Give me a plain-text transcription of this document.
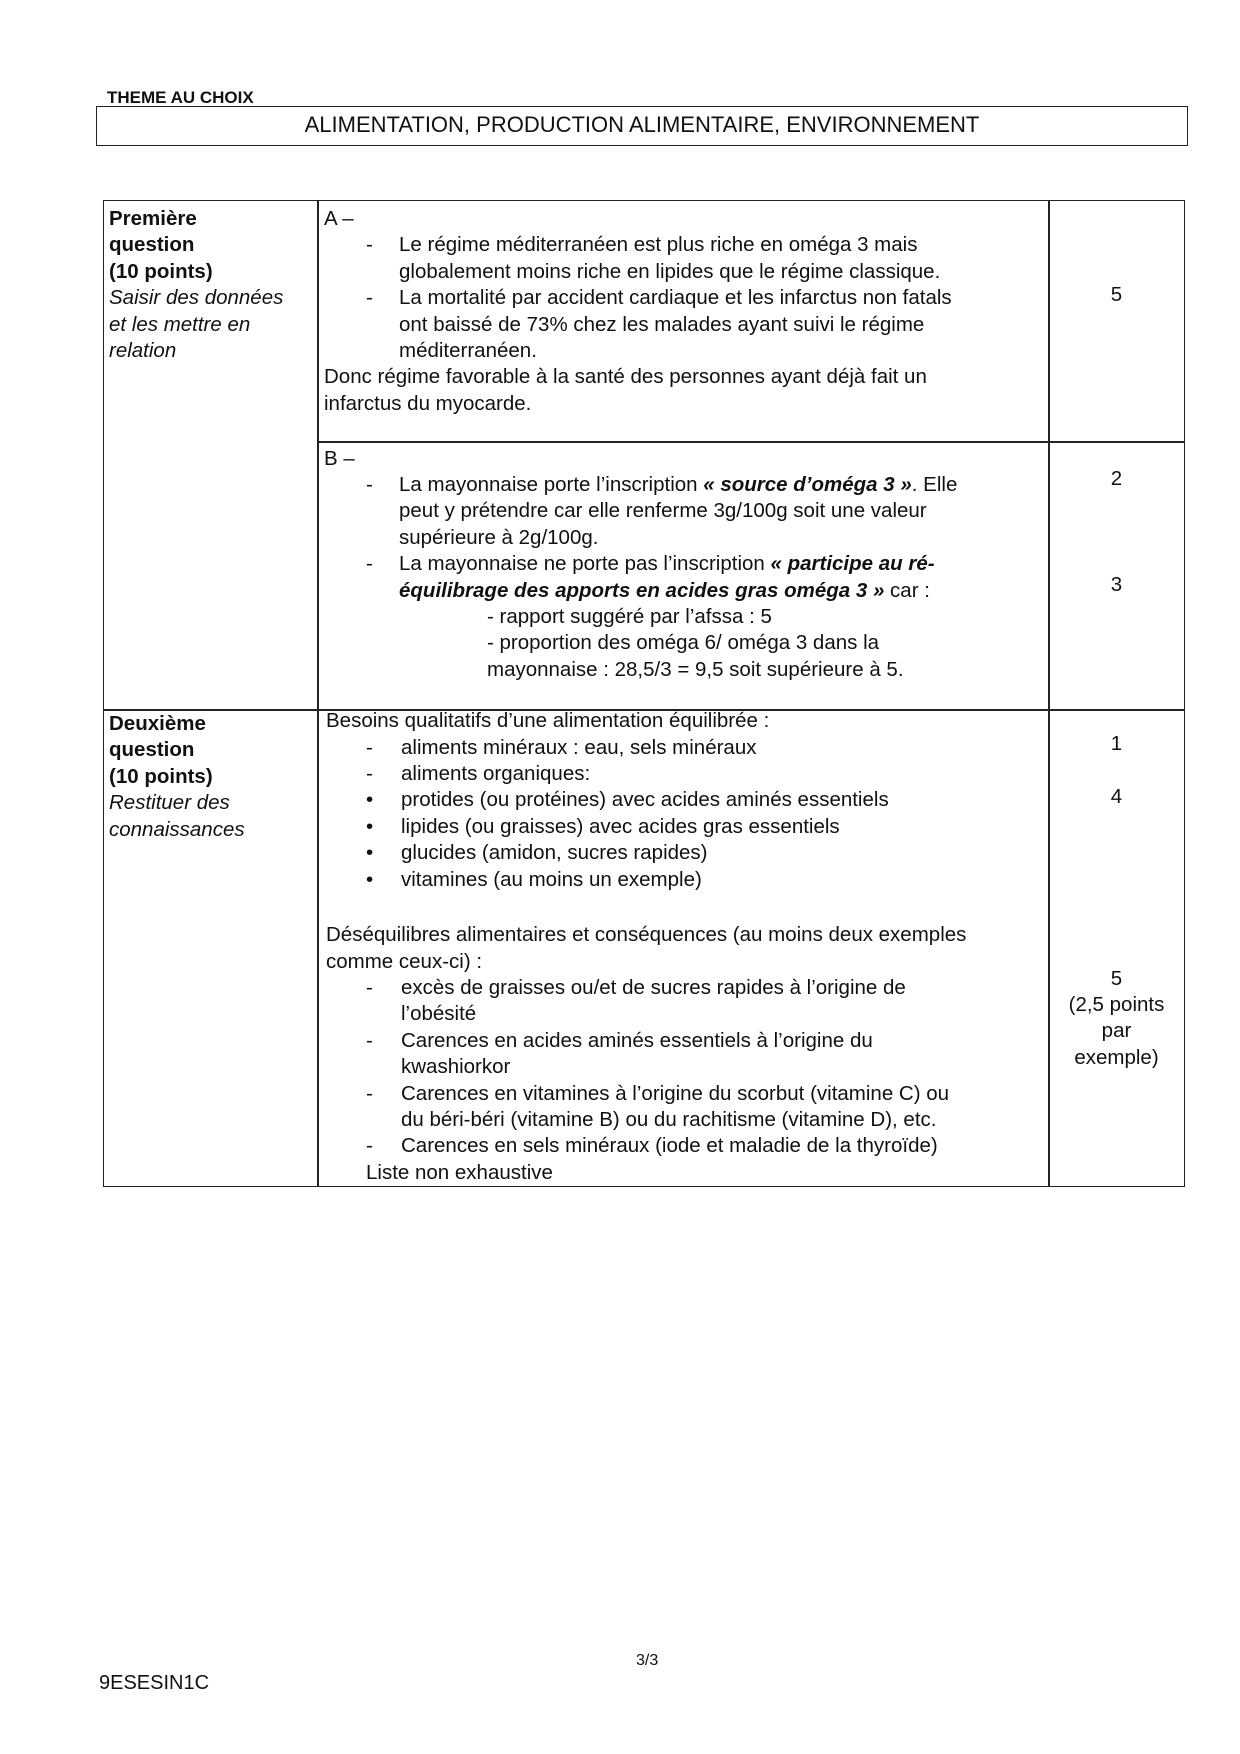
THEME AU CHOIX
ALIMENTATION, PRODUCTION ALIMENTAIRE, ENVIRONNEMENT
Première
question
(10 points)
Saisir des données
et les mettre en
relation
A –
- Le régime méditerranéen est plus riche en oméga 3 mais
globalement moins riche en lipides que le régime classique.
- La mortalité par accident cardiaque et les infarctus non fatals
ont baissé de 73% chez les malades ayant suivi le régime
méditerranéen.
Donc régime favorable à la santé des personnes ayant déjà fait un
infarctus du myocarde.
5
B –
- La mayonnaise porte l’inscription « source d’oméga 3 ». Elle
peut y prétendre car elle renferme 3g/100g soit une valeur
supérieure à 2g/100g.
- La mayonnaise ne porte pas l’inscription « participe au ré-
équilibrage des apports en acides gras oméga 3 » car :
- rapport suggéré par l’afssa : 5
- proportion des oméga 6/ oméga 3 dans la
mayonnaise : 28,5/3 = 9,5 soit supérieure à 5.
2
3
Deuxième
question
(10 points)
Restituer des
connaissances
Besoins qualitatifs d’une alimentation équilibrée :
- aliments minéraux : eau, sels minéraux
- aliments organiques:
• protides (ou protéines) avec acides aminés essentiels
• lipides (ou graisses) avec acides gras essentiels
• glucides (amidon, sucres rapides)
• vitamines (au moins un exemple)
Déséquilibres alimentaires et conséquences (au moins deux exemples
comme ceux-ci) :
- excès de graisses ou/et de sucres rapides à l’origine de
l’obésité
- Carences en acides aminés essentiels à l’origine du
kwashiorkor
- Carences en vitamines à l’origine du scorbut (vitamine C) ou
du béri-béri (vitamine B) ou du rachitisme (vitamine D), etc.
- Carences en sels minéraux (iode et maladie de la thyroïde)
Liste non exhaustive
1
4
5
(2,5 points
par
exemple)
3/3
9ESESIN1C
